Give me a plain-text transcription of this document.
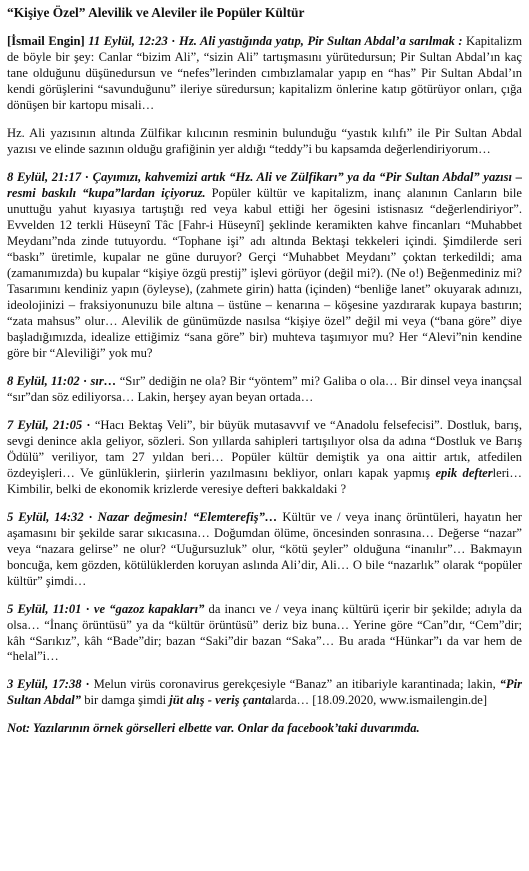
“Kişiye Özel” Alevilik ve Aleviler ile Popüler Kültür

[İsmail Engin] 11 Eylül, 12:23 · Hz. Ali yastığında yatıp, Pir Sultan Abdal’a sarılmak : Kapitalizm de böyle bir şey: Canlar “bizim Ali”, “sizin Ali” tartışmasını yürütedursun; Pir Sultan Abdal’ın kaç tane olduğunu düşünedursun ve “nefes”lerinden cımbızlamalar yapıp en “has” Pir Sultan Abdal’ın kendi görüşlerini “savunduğunu” ileriye süredursun; kapitalizm önlerine katıp götürüyor onları, çığa dönüşen bir kartopu misali…

Hz. Ali yazısının altında Zülfikar kılıcının resminin bulunduğu “yastık kılıfı” ile Pir Sultan Abdal yazısı ve elinde sazının olduğu grafiğinin yer aldığı “teddy”i bu kapsamda değerlendiriyorum…

8 Eylül, 21:17 · Çayımızı, kahvemizi artık “Hz. Ali ve Zülfikarı” ya da “Pir Sultan Abdal” yazısı – resmi baskılı “kupa”lardan içiyoruz. Popüler kültür ve kapitalizm, inanç alanının Canların bile unuttuğu yahut kıyasıya tartıştığı red veya kabul ettiği her ögesini istisnasız “değerlendiriyor”. Evvelden 12 terkli Hüseynî Tâc [Fahr-i Hüseynî] şeklinde keramikten kahve fincanları “Muhabbet Meydanı”nda zinde tutuyordu. “Tophane işi” adı altında Bektaşi tekkeleri içindi. Şimdilerde seri “baskı” üretimle, kupalar ne güne duruyor? Gerçi “Muhabbet Meydanı” çoktan terkedildi; ama (zamanımızda) bu kupalar “kişiye özgü prestij” işlevi görüyor (değil mi?). (Ne o!) Beğenmediniz mi? Tasarımını kendiniz yapın (öyleyse), (zahmete girin) hatta (içinden) “benliğe lanet” okuyarak adınızı, ideolojinizi – fraksiyonunuzu bile altına – üstüne – kenarına – köşesine yazdırarak kupaya bastırın; “zata mahsus” olur… Alevilik de günümüzde nasılsa “kişiye özel” değil mi veya (“bana göre” diye başladığımızda, idealize ettiğimiz “sana göre” bir) muhteva taşımıyor mu? Her “Alevi”nin kendine göre bir “Aleviliği” yok mu?

8 Eylül, 11:02 · sır… “Sır” dediğin ne ola? Bir “yöntem” mi? Galiba o ola… Bir dinsel veya inançsal “sır”dan söz ediliyorsa… Lakin, herşey ayan beyan ortada…

7 Eylül, 21:05 · “Hacı Bektaş Veli”, bir büyük mutasavvıf ve “Anadolu felsefecisi”. Dostluk, barış, sevgi denince akla geliyor, sözleri. Son yıllarda sahipleri tartışılıyor olsa da adına “Dostluk ve Barış Ödülü” veriliyor, tam 27 yıldan beri… Popüler kültür demiştik ya ona aittir artık, atfedilen özdeyişleri… Ve günlüklerin, şiirlerin yazılmasını bekliyor, onları kapak yapmış epik defterleri… Kimbilir, belki de ekonomik krizlerde veresiye defteri bakkaldaki ?

5 Eylül, 14:32 · Nazar değmesin! “Elemterefiş”… Kültür ve / veya inanç örüntüleri, hayatın her aşamasını bir şekilde sarar sıkıcasına… Doğumdan ölüme, öncesinden sonrasına… Değerse “nazar” veya “nazara gelirse” ne olur? “Uuğursuzluk” olur, “kötü şeyler” olduğuna “inanılır”… Bakmayın boncuğa, kem gözden, kötülüklerden koruyan aslında Ali’dir, Ali… O bile “nazarlık” olarak “popüler kültür” şimdi…

5 Eylül, 11:01 · ve “gazoz kapakları” da inancı ve / veya inanç kültürü içerir bir şekilde; adıyla da olsa… “İnanç örüntüsü” ya da “kültür örüntüsü” deriz biz buna… Yerine göre “Can”dır, “Cem”dir; kâh “Sarıkız”, kâh “Bade”dir; bazan “Saki”dir bazan “Saka”… Bu arada “Hünkar”ı da var hem de “helal”i…

3 Eylül, 17:38 · Melun virüs coronavirus gerekçesiyle “Banaz” an itibariyle karantinada; lakin, “Pir Sultan Abdal” bir damga şimdi jüt alış - veriş çantalarda… [18.09.2020, www.ismailengin.de]

Not: Yazılarının örnek görselleri elbette var. Onlar da facebook’taki duvarımda.
